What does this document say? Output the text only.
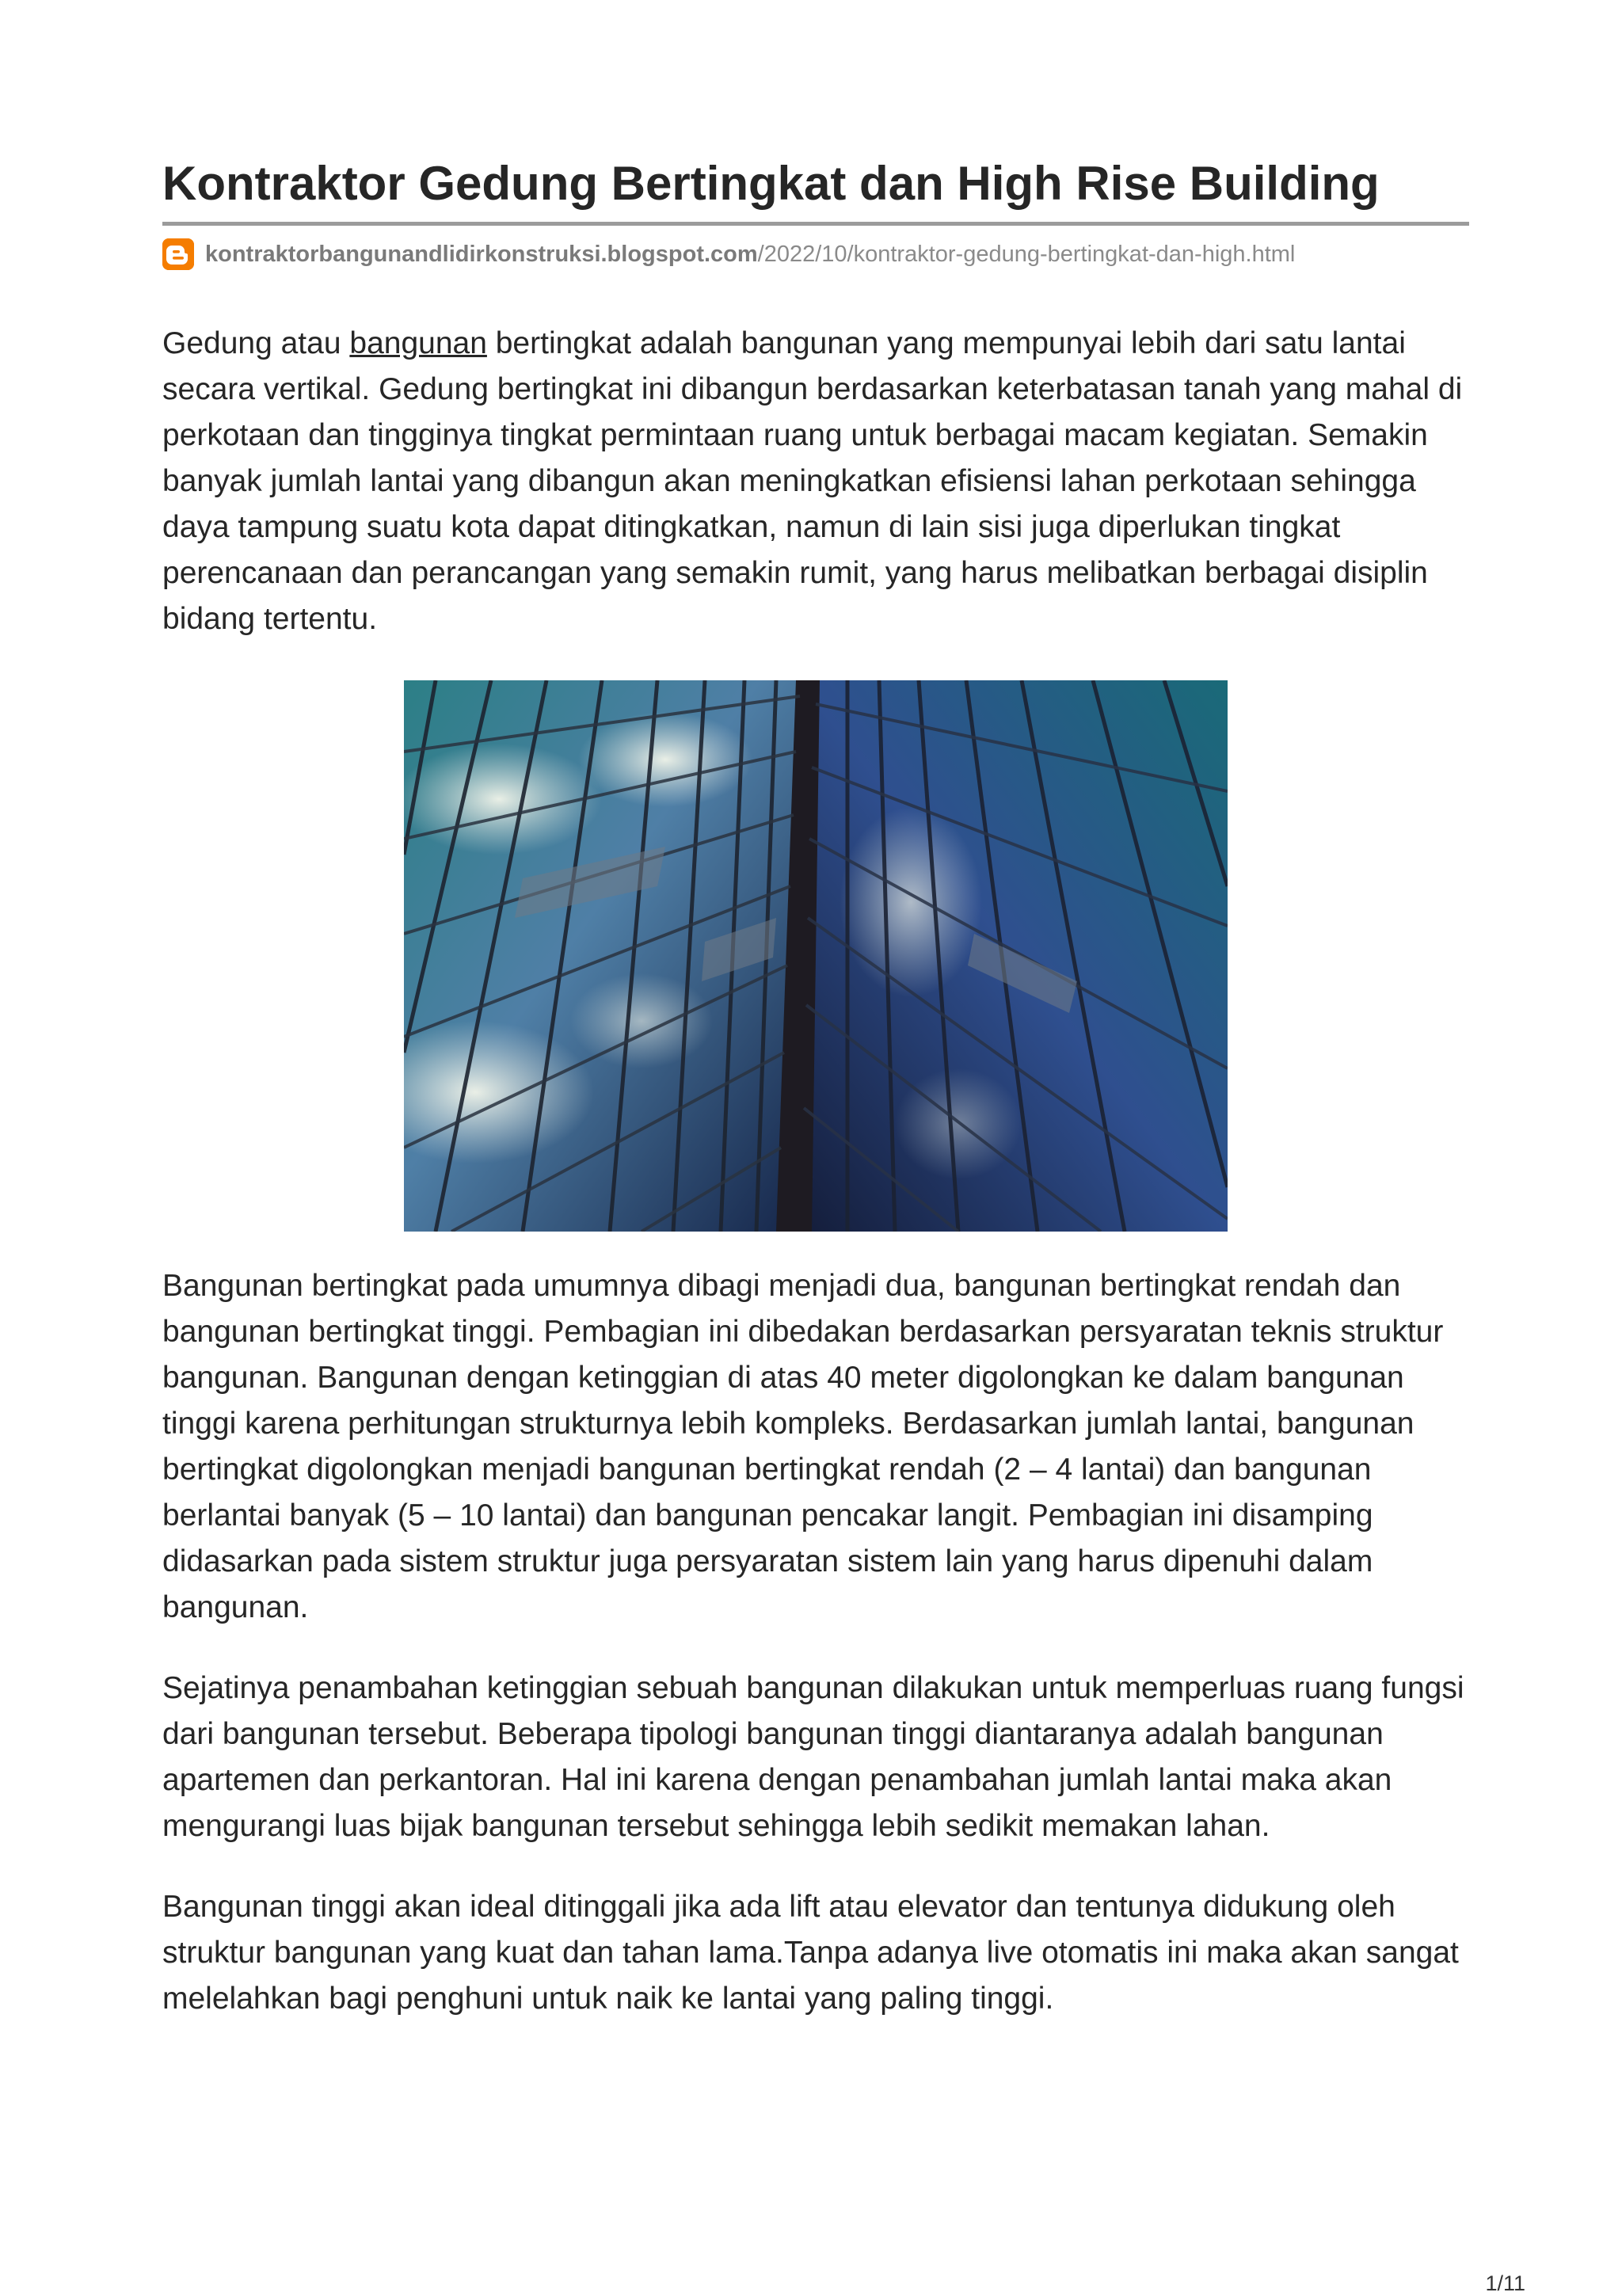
Kontraktor Gedung Bertingkat dan High Rise Building
kontraktorbangunandlidirkonstruksi.blogspot.com /2022/10/kontraktor-gedung-bertingkat-dan-high.html

Gedung atau bangunan bertingkat adalah bangunan yang mempunyai lebih dari satu lantai secara vertikal. Gedung bertingkat ini dibangun berdasarkan keterbatasan tanah yang mahal di perkotaan dan tingginya tingkat permintaan ruang untuk berbagai macam kegiatan. Semakin banyak jumlah lantai yang dibangun akan meningkatkan efisiensi lahan perkotaan sehingga daya tampung suatu kota dapat ditingkatkan, namun di lain sisi juga diperlukan tingkat perencanaan dan perancangan yang semakin rumit, yang harus melibatkan berbagai disiplin bidang tertentu.

Bangunan bertingkat pada umumnya dibagi menjadi dua, bangunan bertingkat rendah dan bangunan bertingkat tinggi. Pembagian ini dibedakan berdasarkan persyaratan teknis struktur bangunan. Bangunan dengan ketinggian di atas 40 meter digolongkan ke dalam bangunan tinggi karena perhitungan strukturnya lebih kompleks. Berdasarkan jumlah lantai, bangunan bertingkat digolongkan menjadi bangunan bertingkat rendah (2 – 4 lantai) dan bangunan berlantai banyak (5 – 10 lantai) dan bangunan pencakar langit. Pembagian ini disamping didasarkan pada sistem struktur juga persyaratan sistem lain yang harus dipenuhi dalam bangunan.

Sejatinya penambahan ketinggian sebuah bangunan dilakukan untuk memperluas ruang fungsi dari bangunan tersebut. Beberapa tipologi bangunan tinggi diantaranya adalah bangunan apartemen dan perkantoran. Hal ini karena dengan penambahan jumlah lantai maka akan mengurangi luas bijak bangunan tersebut sehingga lebih sedikit memakan lahan.

Bangunan tinggi akan ideal ditinggali jika ada lift atau elevator dan tentunya didukung oleh struktur bangunan yang kuat dan tahan lama.Tanpa adanya live otomatis ini maka akan sangat melelahkan bagi penghuni untuk naik ke lantai yang paling tinggi.

1/11
